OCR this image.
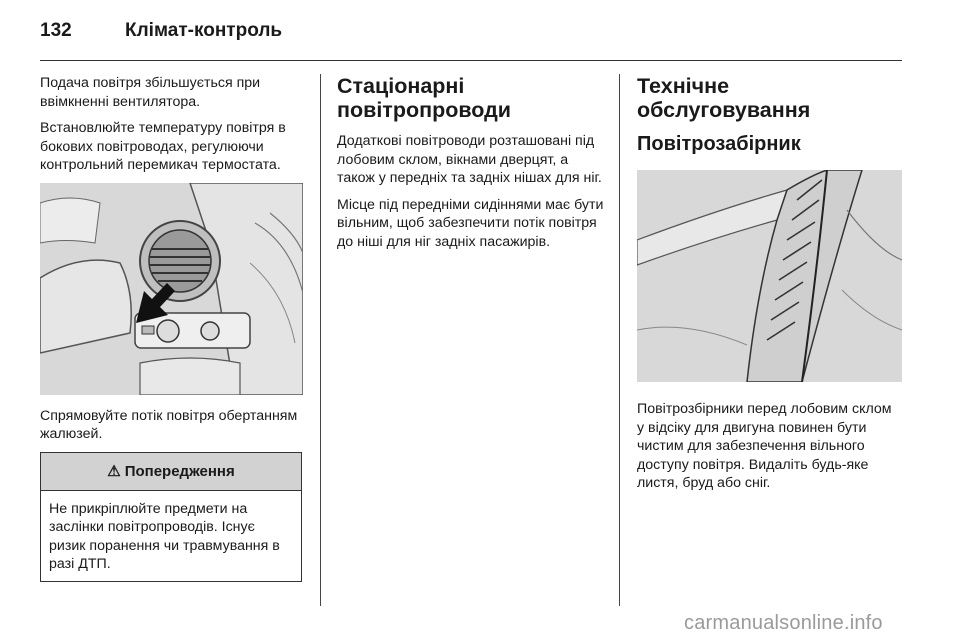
132	Клімат-контроль

Подача повітря збільшується при ввімкненні вентилятора.

Встановлюйте температуру повітря в бокових повітроводах, регулюючи контрольний перемикач термостата.

Спрямовуйте потік повітря обертанням жалюзей.

⚠ Попередження

Не прикріплюйте предмети на заслінки повітропроводів. Існує ризик поранення чи травмування в разі ДТП.

Стаціонарні повітропроводи

Додаткові повітроводи розташовані під лобовим склом, вікнами дверцят, а також у передніх та задніх нішах для ніг.

Місце під передніми сидіннями має бути вільним, щоб забезпечити потік повітря до ніші для ніг задніх пасажирів.

Технічне обслуговування
Повітрозабірник

Повітрозбірники перед лобовим склом у відсіку для двигуна повинен бути чистим для забезпечення вільного доступу повітря. Видаліть будь-яке листя, бруд або сніг.

carmanualsonline.info
